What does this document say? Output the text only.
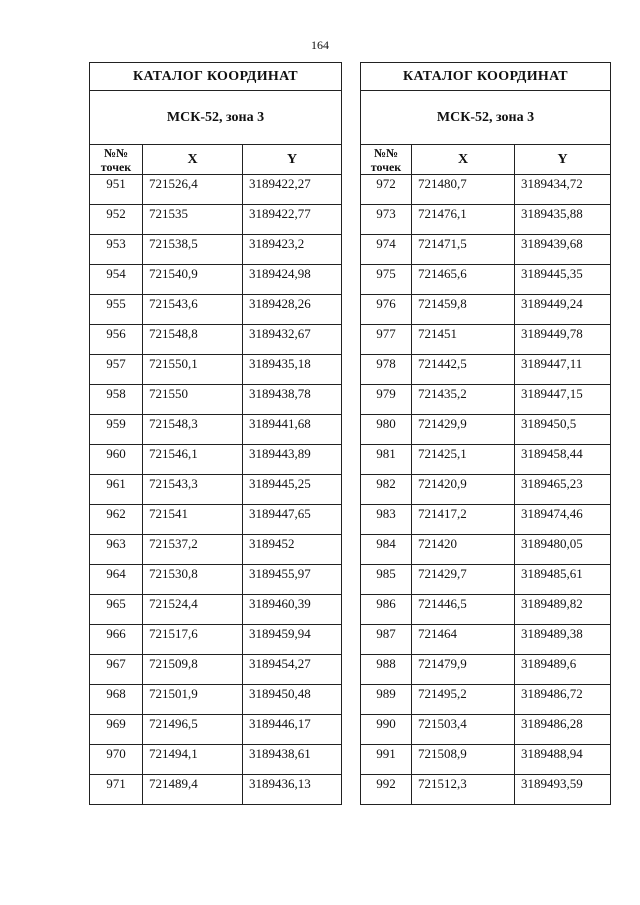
164
КАТАЛОГ КООРДИНАТ		
МСК-52, зона 3		
№№
точек	X	Y
951	721526,4	3189422,27
952	721535	3189422,77
953	721538,5	3189423,2
954	721540,9	3189424,98
955	721543,6	3189428,26
956	721548,8	3189432,67
957	721550,1	3189435,18
958	721550	3189438,78
959	721548,3	3189441,68
960	721546,1	3189443,89
961	721543,3	3189445,25
962	721541	3189447,65
963	721537,2	3189452
964	721530,8	3189455,97
965	721524,4	3189460,39
966	721517,6	3189459,94
967	721509,8	3189454,27
968	721501,9	3189450,48
969	721496,5	3189446,17
970	721494,1	3189438,61
971	721489,4	3189436,13
КАТАЛОГ КООРДИНАТ		
МСК-52, зона 3		
№№
точек	X	Y
972	721480,7	3189434,72
973	721476,1	3189435,88
974	721471,5	3189439,68
975	721465,6	3189445,35
976	721459,8	3189449,24
977	721451	3189449,78
978	721442,5	3189447,11
979	721435,2	3189447,15
980	721429,9	3189450,5
981	721425,1	3189458,44
982	721420,9	3189465,23
983	721417,2	3189474,46
984	721420	3189480,05
985	721429,7	3189485,61
986	721446,5	3189489,82
987	721464	3189489,38
988	721479,9	3189489,6
989	721495,2	3189486,72
990	721503,4	3189486,28
991	721508,9	3189488,94
992	721512,3	3189493,59
